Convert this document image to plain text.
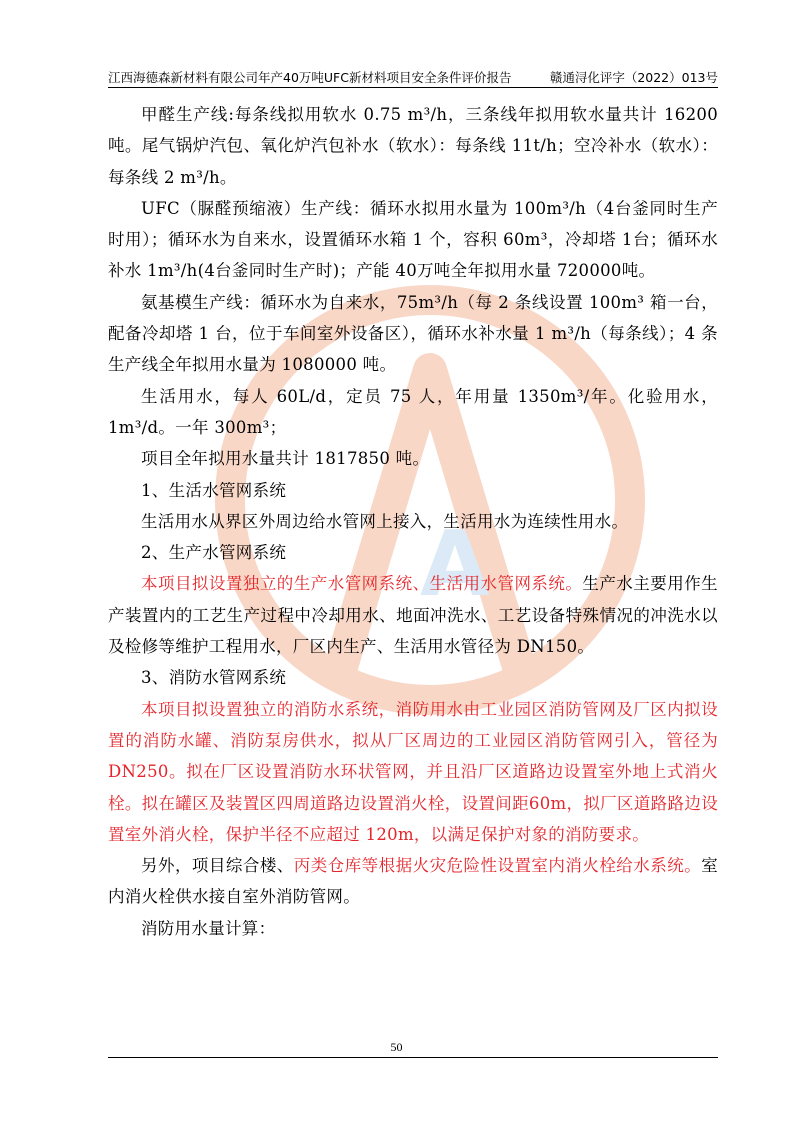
江西海德森新材料有限公司年产40万吨UFC新材料项目安全条件评价报告	赣通浔化评字（2022）013号
A

甲醛生产线:每条线拟用软水 0.75 m³/h，三条线年拟用软水量共计 16200吨。尾气锅炉汽包、氧化炉汽包补水（软水）：每条线 11t/h；空冷补水（软水）：每条线 2 m³/h。

UFC（脲醛预缩液）生产线：循环水拟用水量为 100m³/h（4台釜同时生产时用）；循环水为自来水，设置循环水箱 1 个，容积 60m³，冷却塔 1台；循环水补水 1m³/h(4台釜同时生产时)；产能 40万吨全年拟用水量 720000吨。

氨基模生产线：循环水为自来水，75m³/h（每 2 条线设置 100m³ 箱一台，配备冷却塔 1 台，位于车间室外设备区），循环水补水量 1 m³/h（每条线）；4 条生产线全年拟用水量为 1080000 吨。

生活用水，每人 60L/d，定员 75 人，年用量 1350m³/年。化验用水，1m³/d。一年 300m³；

项目全年拟用水量共计 1817850 吨。

1、生活水管网系统

生活用水从界区外周边给水管网上接入，生活用水为连续性用水。

2、生产水管网系统

本项目拟设置独立的生产水管网系统、生活用水管网系统。生产水主要用作生产装置内的工艺生产过程中冷却用水、地面冲洗水、工艺设备特殊情况的冲洗水以及检修等维护工程用水，厂区内生产、生活用水管径为 DN150。

3、消防水管网系统

本项目拟设置独立的消防水系统，消防用水由工业园区消防管网及厂区内拟设置的消防水罐、消防泵房供水，拟从厂区周边的工业园区消防管网引入，管径为 DN250。拟在厂区设置消防水环状管网，并且沿厂区道路边设置室外地上式消火栓。拟在罐区及装置区四周道路边设置消火栓，设置间距60m，拟厂区道路路边设置室外消火栓，保护半径不应超过 120m，以满足保护对象的消防要求。

另外，项目综合楼、丙类仓库等根据火灾危险性设置室内消火栓给水系统。室内消火栓供水接自室外消防管网。

消防用水量计算：

50
